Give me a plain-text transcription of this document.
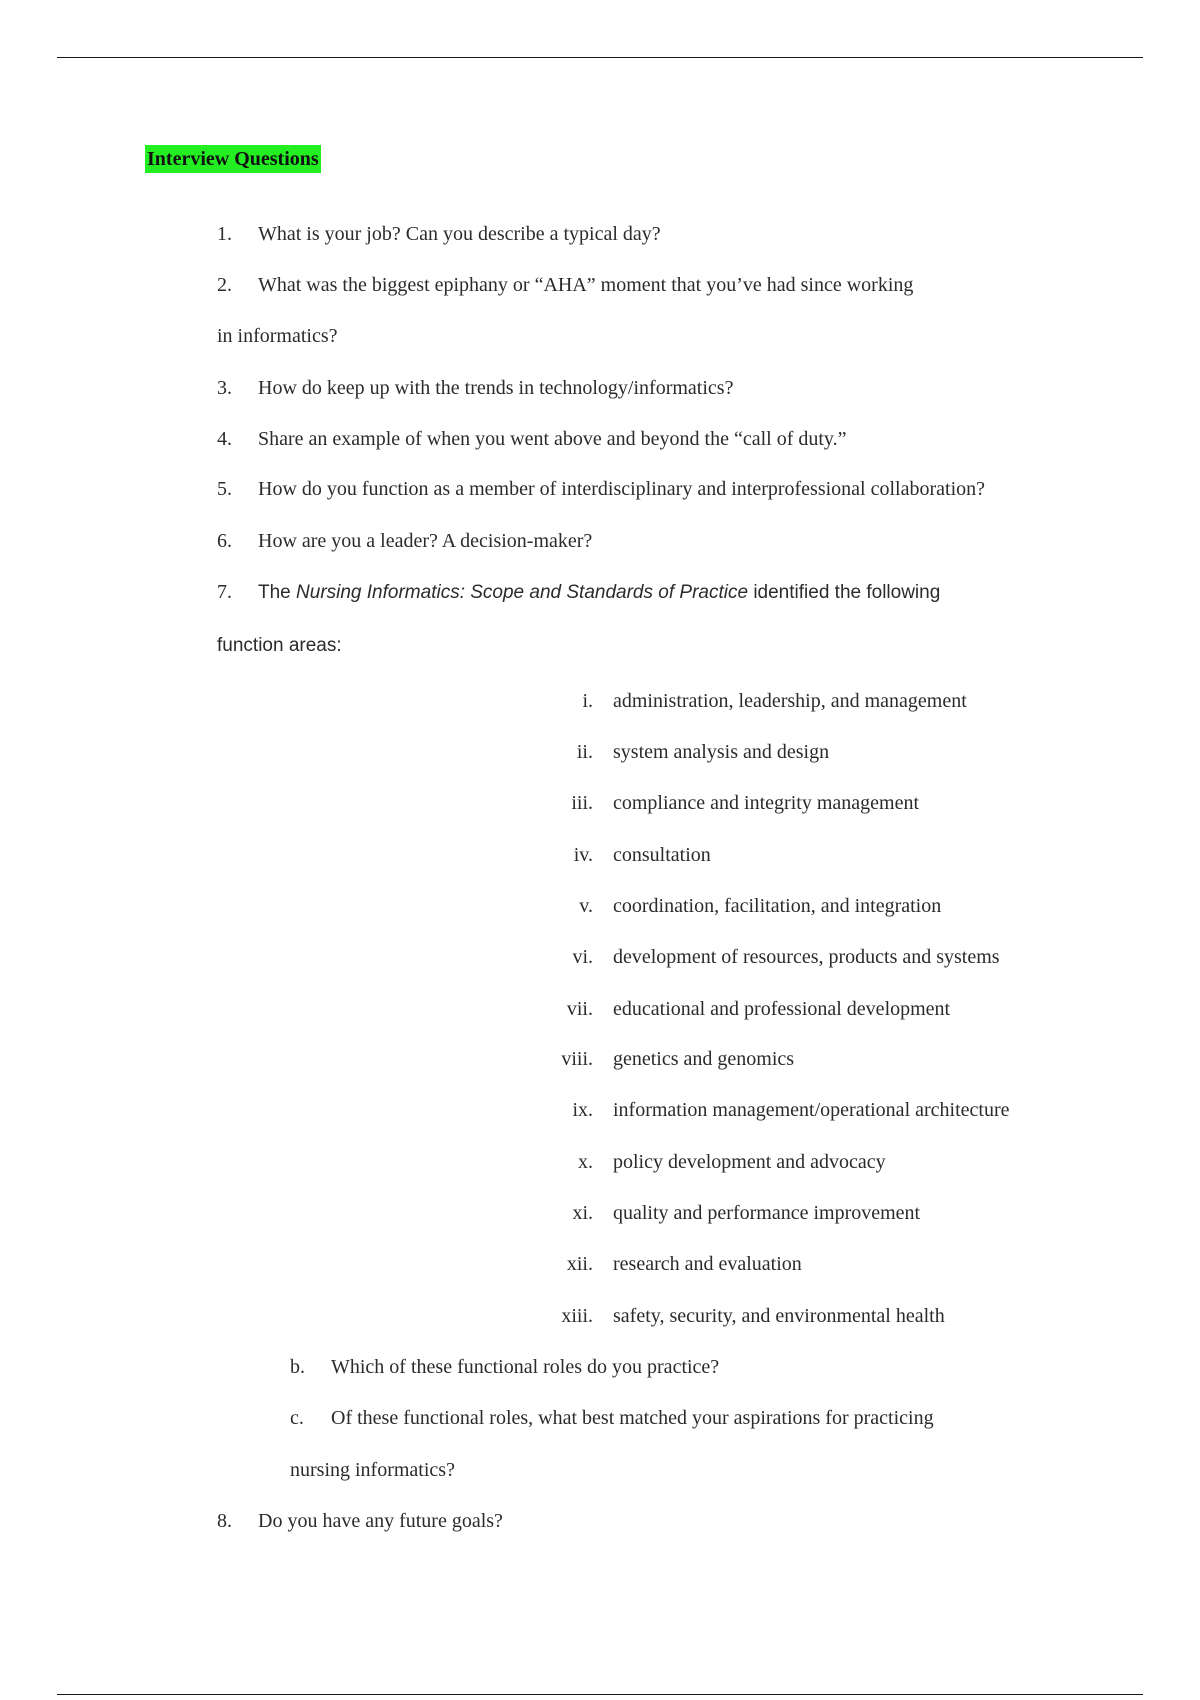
Interview Questions
1. What is your job? Can you describe a typical day?
2. What was the biggest epiphany or “AHA” moment that you’ve had since working
in informatics?
3. How do keep up with the trends in technology/informatics?
4. Share an example of when you went above and beyond the “call of duty.”
5. How do you function as a member of interdisciplinary and interprofessional collaboration?
6. How are you a leader? A decision-maker?
7. The Nursing Informatics: Scope and Standards of Practice identified the following
function areas:
i. administration, leadership, and management
ii. system analysis and design
iii. compliance and integrity management
iv. consultation
v. coordination, facilitation, and integration
vi. development of resources, products and systems
vii. educational and professional development
viii. genetics and genomics
ix. information management/operational architecture
x. policy development and advocacy
xi. quality and performance improvement
xii. research and evaluation
xiii. safety, security, and environmental health
b. Which of these functional roles do you practice?
c. Of these functional roles, what best matched your aspirations for practicing
nursing informatics?
8. Do you have any future goals?
